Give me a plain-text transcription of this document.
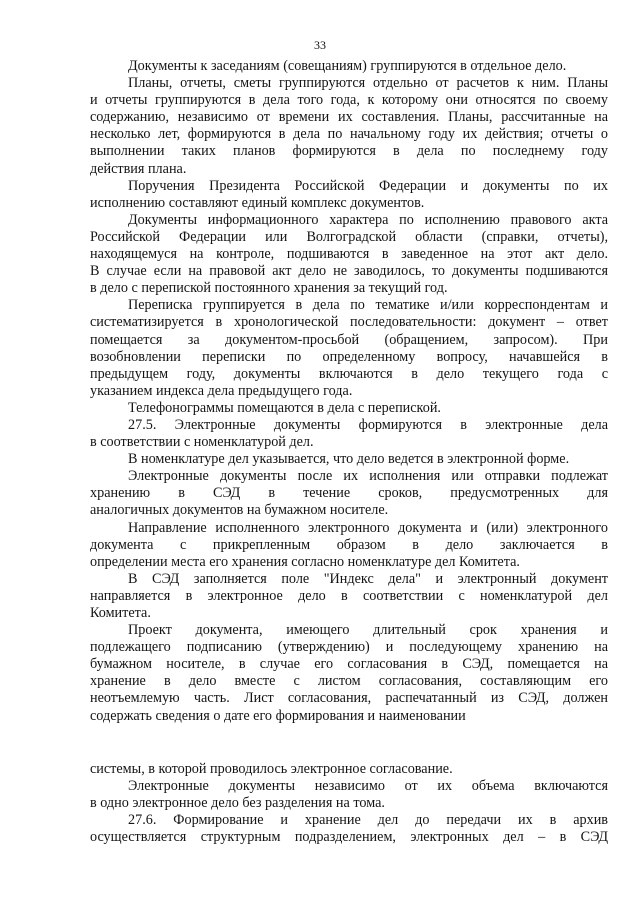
33
Документы к заседаниям (совещаниям) группируются в отдельное дело.
Планы, отчеты, сметы группируются отдельно от расчетов к ним. Планы
и отчеты группируются в дела того года, к которому они относятся по своему
содержанию, независимо от времени их составления. Планы, рассчитанные на
несколько лет, формируются в дела по начальному году их действия; отчеты о
выполнении таких планов формируются в дела по последнему году
действия плана.
Поручения Президента Российской Федерации и документы по их
исполнению составляют единый комплекс документов.
Документы информационного характера по исполнению правового акта
Российской Федерации или Волгоградской области (справки, отчеты),
находящемуся на контроле, подшиваются в заведенное на этот акт дело.
В случае если на правовой акт дело не заводилось, то документы подшиваются
в дело с перепиской постоянного хранения за текущий год.
Переписка группируется в дела по тематике и/или корреспондентам и
систематизируется в хронологической последовательности: документ – ответ
помещается за документом-просьбой (обращением, запросом). При
возобновлении переписки по определенному вопросу, начавшейся в
предыдущем году, документы включаются в дело текущего года с
указанием индекса дела предыдущего года.
Телефонограммы помещаются в дела с перепиской.
27.5. Электронные документы формируются в электронные дела
в соответствии с номенклатурой дел.
В номенклатуре дел указывается, что дело ведется в электронной форме.
Электронные документы после их исполнения или отправки подлежат
хранению в СЭД в течение сроков, предусмотренных для
аналогичных документов на бумажном носителе.
Направление исполненного электронного документа и (или) электронного
документа с прикрепленным образом в дело заключается в
определении места его хранения согласно номенклатуре дел Комитета.
В СЭД заполняется поле "Индекс дела" и электронный документ
направляется в электронное дело в соответствии с номенклатурой дел
Комитета.
Проект документа, имеющего длительный срок хранения и
подлежащего подписанию (утверждению) и последующему хранению на
бумажном носителе, в случае его согласования в СЭД, помещается на
хранение в дело вместе с листом согласования, составляющим его
неотъемлемую часть. Лист согласования, распечатанный из СЭД, должен
содержать сведения о дате его формирования и наименовании
системы, в которой проводилось электронное согласование.
Электронные документы независимо от их объема включаются
в одно электронное дело без разделения на тома.
27.6. Формирование и хранение дел до передачи их в архив
осуществляется структурным подразделением, электронных дел – в СЭД
